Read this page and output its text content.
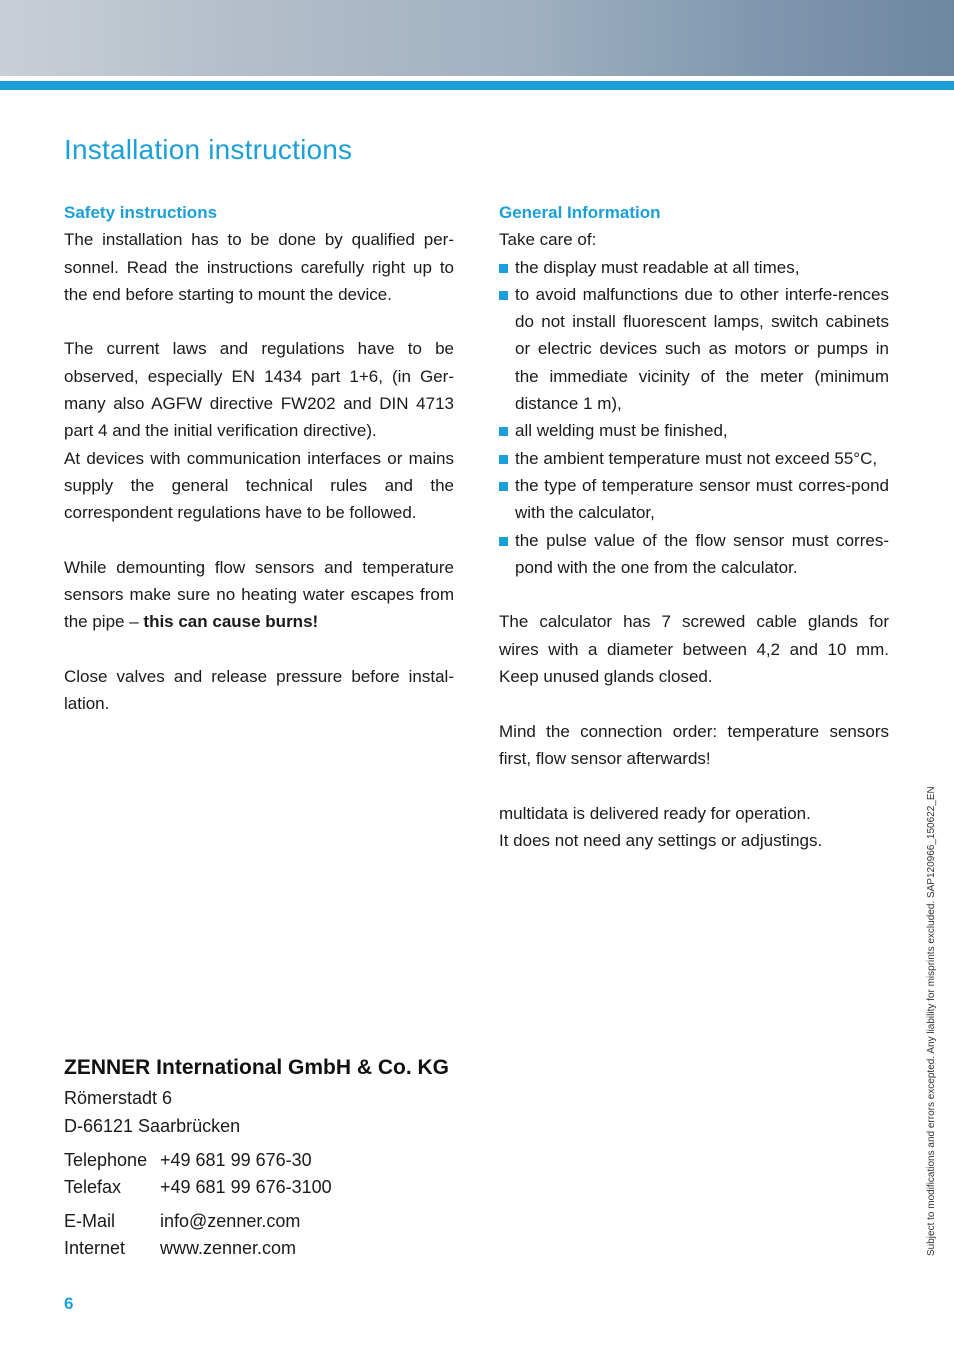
Installation instructions
Safety instructions

The installation has to be done by qualified per-sonnel. Read the instructions carefully right up to the end before starting to mount the device.

The current laws and regulations have to be observed, especially EN 1434 part 1+6, (in Ger-many also AGFW directive FW202 and DIN 4713 part 4 and the initial verification directive).

At devices with communication interfaces or mains supply the general technical rules and the correspondent regulations have to be followed.

While demounting flow sensors and temperature sensors make sure no heating water escapes from the pipe – this can cause burns!

Close valves and release pressure before instal-lation.

General Information

Take care of:

the display must readable at all times,
to avoid malfunctions due to other interfe-rences do not install fluorescent lamps, switch cabinets or electric devices such as motors or pumps in the immediate vicinity of the meter (minimum distance 1 m),
all welding must be finished,
the ambient temperature must not exceed 55°C,
the type of temperature sensor must corres-pond with the calculator,
the pulse value of the flow sensor must corres-pond with the one from the calculator.

The calculator has 7 screwed cable glands for wires with a diameter between 4,2 and 10 mm. Keep unused glands closed.

Mind the connection order: temperature sensors first, flow sensor afterwards!

multidata is delivered ready for operation.

It does not need any settings or adjustings.

ZENNER International GmbH & Co. KG
Römerstadt 6
D-66121 Saarbrücken
Telephone +49 681 99 676-30
Telefax +49 681 99 676-3100
E-Mail info@zenner.com
Internet www.zenner.com
6
Subject to modifications and errors excepted. Any liability for misprints excluded. SAP120966_150622_EN
